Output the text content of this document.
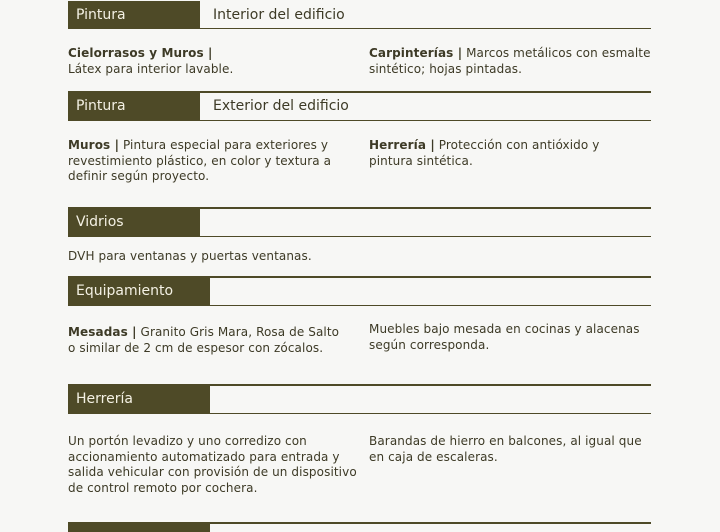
Pintura	Interior del edificio
Cielorrasos y Muros |
Látex para interior lavable.
Carpinterías | Marcos metálicos con esmalte sintético; hojas pintadas.
Pintura	Exterior del edificio
Muros | Pintura especial para exteriores y revestimiento plástico, en color y textura a definir según proyecto.
Herrería | Protección con antióxido y pintura sintética.
Vidrios
DVH para ventanas y puertas ventanas.
Equipamiento
Mesadas | Granito Gris Mara, Rosa de Salto o similar de 2 cm de espesor con zócalos.
Muebles bajo mesada en cocinas y alacenas según corresponda.
Herrería
Un portón levadizo y uno corredizo con accionamiento automatizado para entrada y salida vehicular con provisión de un dispositivo de control remoto por cochera.
Barandas de hierro en balcones, al igual que en caja de escaleras.
